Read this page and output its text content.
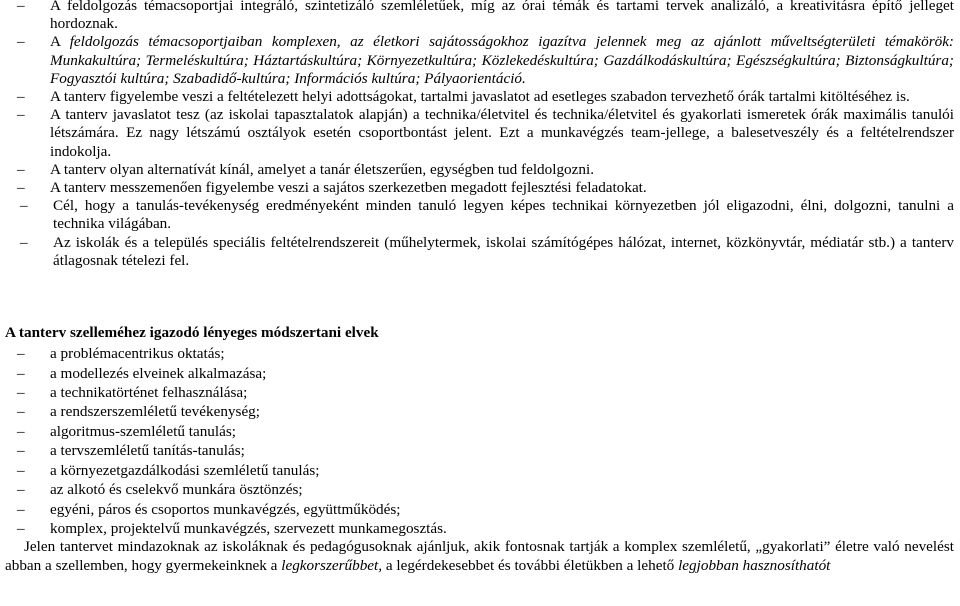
– A feldolgozás témacsoportjai integráló, szintetizáló szemléletűek, míg az órai témák és tartami tervek analizáló, a kreativitásra építő jelleget hordoznak.
– A feldolgozás témacsoportjaiban komplexen, az életkori sajátosságokhoz igazítva jelennek meg az ajánlott műveltségterületi témakörök: Munkakultúra; Termeléskultúra; Háztartáskultúra; Környezetkultúra; Közlekedéskultúra; Gazdálkodáskultúra; Egészségkultúra; Biztonságkultúra; Fogyasztói kultúra; Szabadidő-kultúra; Információs kultúra; Pályaorientáció.
– A tanterv figyelembe veszi a feltételezett helyi adottságokat, tartalmi javaslatot ad esetleges szabadon tervezhető órák tartalmi kitöltéséhez is.
– A tanterv javaslatot tesz (az iskolai tapasztalatok alapján) a technika/életvitel és technika/életvitel és gyakorlati ismeretek órák maximális tanulói létszámára. Ez nagy létszámú osztályok esetén csoportbontást jelent. Ezt a munkavégzés team-jellege, a balesetveszély és a feltételrendszer indokolja.
– A tanterv olyan alternatívát kínál, amelyet a tanár életszerűen, egységben tud feldolgozni.
– A tanterv messzemenően figyelembe veszi a sajátos szerkezetben megadott fejlesztési feladatokat.
– Cél, hogy a tanulás-tevékenység eredményeként minden tanuló legyen képes technikai környezetben jól eligazodni, élni, dolgozni, tanulni a technika világában.
– Az iskolák és a település speciális feltételrendszereit (műhelytermek, iskolai számítógépes hálózat, internet, közkönyvtár, médiatár stb.) a tanterv átlagosnak tételezi fel.
A tanterv szelleméhez igazodó lényeges módszertani elvek
– a problémacentrikus oktatás;
– a modellezés elveinek alkalmazása;
– a technikatörténet felhasználása;
– a rendszerszemléletű tevékenység;
– algoritmus-szemléletű tanulás;
– a tervszemléletű tanítás-tanulás;
– a környezetgazdálkodási szemléletű tanulás;
– az alkotó és cselekvő munkára ösztönzés;
– egyéni, páros és csoportos munkavégzés, együttműködés;
– komplex, projektelvű munkavégzés, szervezett munkamegosztás.
Jelen tantervet mindazoknak az iskoláknak és pedagógusoknak ajánljuk, akik fontosnak tartják a komplex szemléletű, „gyakorlati” életre való nevelést abban a szellemben, hogy gyermekeinknek a legkorszerűbbet, a legérdekesebbet és további életükben a lehető legjobban hasznosíthatót
